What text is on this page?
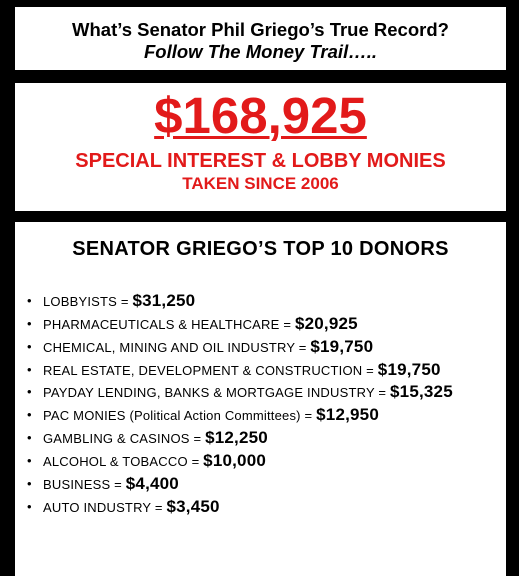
What’s Senator Phil Griego’s True Record?
Follow The Money Trail…..
$168,925
SPECIAL INTEREST & LOBBY MONIES
TAKEN SINCE 2006
SENATOR GRIEGO’S TOP 10 DONORS
• LOBBYISTS = $31,250
• PHARMACEUTICALS & HEALTHCARE = $20,925
• CHEMICAL, MINING AND OIL INDUSTRY = $19,750
• REAL ESTATE, DEVELOPMENT & CONSTRUCTION = $19,750
• PAYDAY LENDING, BANKS & MORTGAGE INDUSTRY = $15,325
• PAC MONIES (Political Action Committees) = $12,950
• GAMBLING & CASINOS = $12,250
• ALCOHOL & TOBACCO = $10,000
• BUSINESS = $4,400
• AUTO INDUSTRY = $3,450
